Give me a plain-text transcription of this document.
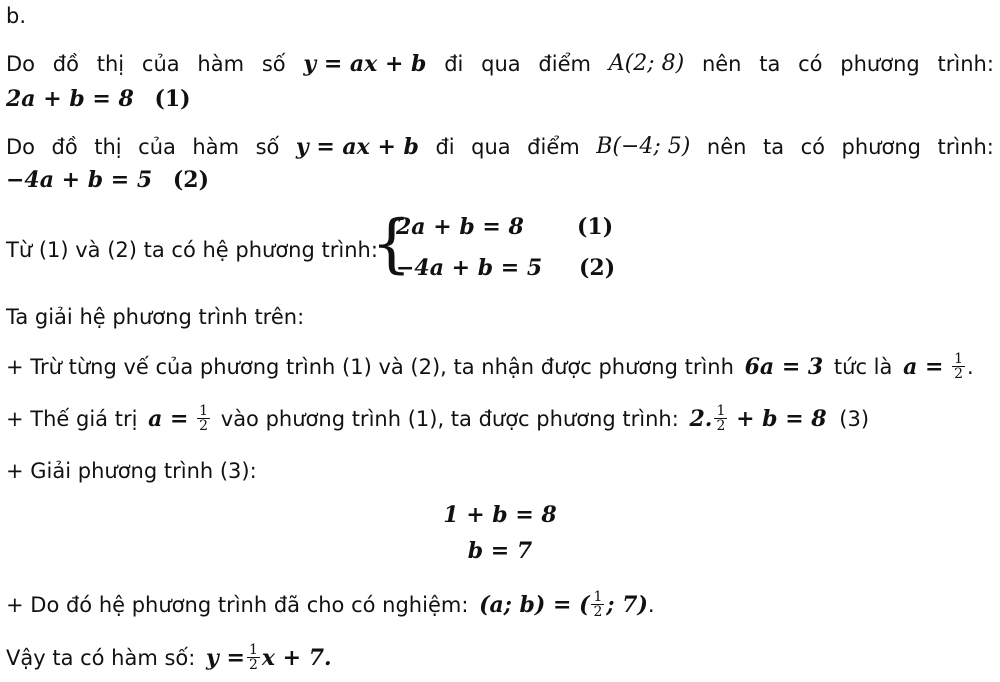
b.
Do đồ thị của hàm số y = ax + b đi qua điểm A(2; 8) nên ta có phương trình:
2a + b = 8 (1)
Do đồ thị của hàm số y = ax + b đi qua điểm B(−4; 5) nên ta có phương trình:
−4a + b = 5 (2)
Từ (1) và (2) ta có hệ phương trình:
{
2a + b = 8 (1)
−4a + b = 5 (2)
Ta giải hệ phương trình trên:
+ Trừ từng vế của phương trình (1) và (2), ta nhận được phương trình 6a = 3 tức là $a = \frac{1}{2}$ .
+ Thế giá trị $a = \frac{1}{2}$ vào phương trình (1), ta được phương trình: 2. $\frac{1}{2} + b = 8$ (3)
+ Giải phương trình (3):
1 + b = 8
b = 7
+ Do đó hệ phương trình đã cho có nghiệm: (a; b) = ( $\frac{1}{2}$ ; 7).
Vậy ta có hàm số: $y = \frac{1}{2}$ x + 7.
